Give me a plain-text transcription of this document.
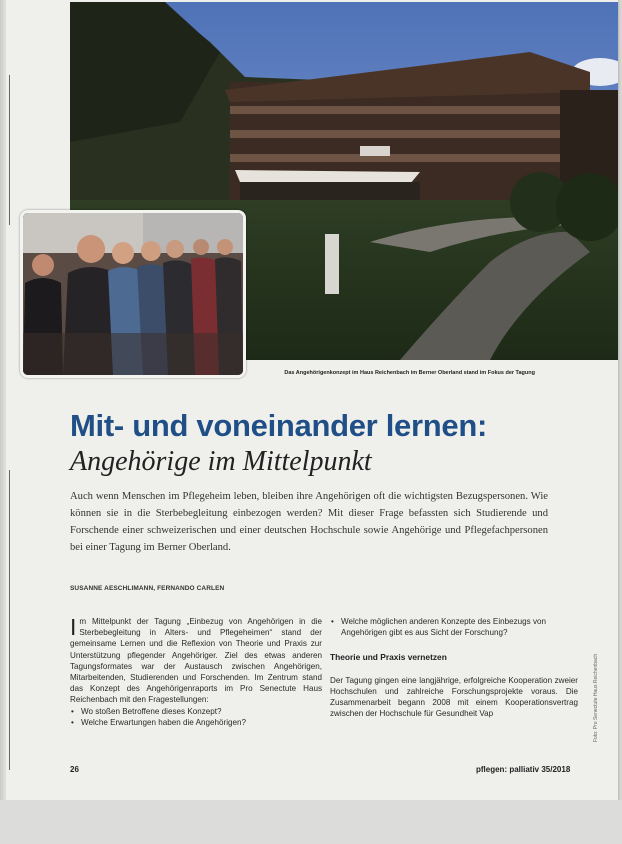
Das Angehörigenkonzept im Haus Reichenbach im Berner Oberland stand im Fokus der Tagung
Mit- und voneinander lernen:
Angehörige im Mittelpunkt
Auch wenn Menschen im Pflegeheim leben, bleiben ihre Angehörigen oft die wichtigsten Bezugspersonen. Wie können sie in die Sterbebegleitung einbezogen werden? Mit dieser Frage befassten sich Studierende und Forschende einer schweizerischen und einer deutschen Hochschule sowie Angehörige und Pflegefachpersonen bei einer Tagung im Berner Oberland.
SUSANNE AESCHLIMANN, FERNANDO CARLEN

Im Mittelpunkt der Tagung „Einbezug von Angehörigen in die Sterbebegleitung in Alters- und Pflegeheimen“ stand der gemeinsame Lernen und die Reflexion von Theorie und Praxis zur Unterstützung pflegender Angehöriger. Ziel des etwas anderen Tagungsformates war der Austausch zwischen Angehörigen, Mitarbeitenden, Studierenden und Forschenden. Im Zentrum stand das Konzept des Angehörigenraports im Pro Senectute Haus Reichenbach mit den Fragestellungen:

• Wo stoßen Betroffene dieses Konzept?
• Welche Erwartungen haben die Angehörigen?
• Welche möglichen anderen Konzepte des Einbezugs von Angehörigen gibt es aus Sicht der Forschung?
Theorie und Praxis vernetzen

Der Tagung gingen eine langjährige, erfolgreiche Kooperation zweier Hochschulen und zahlreiche Forschungsprojekte voraus. Die Zusammenarbeit begann 2008 mit einem Kooperationsvertrag zwischen der Hochschule für Gesundheit Vap	Foto: Pro Senectute Haus Reichenbach
26	pflegen: palliativ 35/2018
